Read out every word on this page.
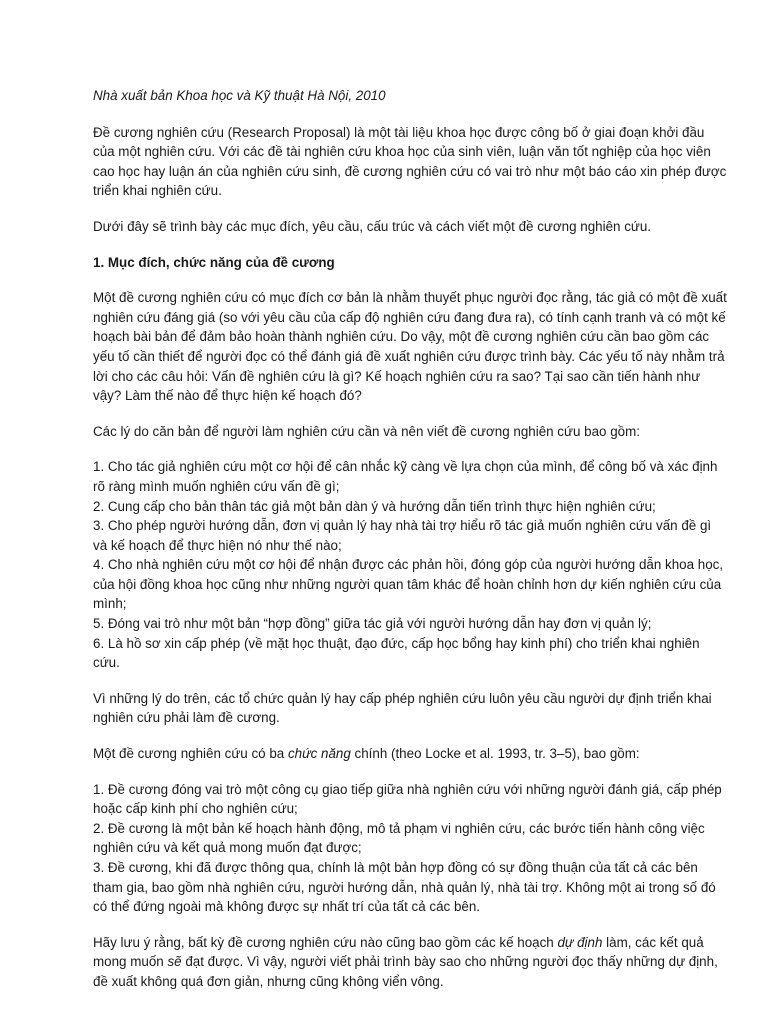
Nhà xuất bản Khoa học và Kỹ thuật Hà Nội, 2010

Đề cương nghiên cứu (Research Proposal) là một tài liệu khoa học được công bố ở giai đoạn khởi đầu của một nghiên cứu. Với các đề tài nghiên cứu khoa học của sinh viên, luận văn tốt nghiệp của học viên cao học hay luận án của nghiên cứu sinh, đề cương nghiên cứu có vai trò như một báo cáo xin phép được triển khai nghiên cứu.

Dưới đây sẽ trình bày các mục đích, yêu cầu, cấu trúc và cách viết một đề cương nghiên cứu.

1. Mục đích, chức năng của đề cương

Một đề cương nghiên cứu có mục đích cơ bản là nhằm thuyết phục người đọc rằng, tác giả có một đề xuất nghiên cứu đáng giá (so với yêu cầu của cấp độ nghiên cứu đang đưa ra), có tính cạnh tranh và có một kế hoạch bài bản để đảm bảo hoàn thành nghiên cứu. Do vậy, một đề cương nghiên cứu cần bao gồm các yếu tố cần thiết để người đọc có thể đánh giá đề xuất nghiên cứu được trình bày. Các yếu tố này nhằm trả lời cho các câu hỏi: Vấn đề nghiên cứu là gì? Kế hoạch nghiên cứu ra sao? Tại sao cần tiến hành như vậy? Làm thế nào để thực hiện kế hoạch đó?

Các lý do căn bản để người làm nghiên cứu cần và nên viết đề cương nghiên cứu bao gồm:

1. Cho tác giả nghiên cứu một cơ hội để cân nhắc kỹ càng về lựa chọn của mình, để công bố và xác định rõ ràng mình muốn nghiên cứu vấn đề gì;
2. Cung cấp cho bản thân tác giả một bản dàn ý và hướng dẫn tiến trình thực hiện nghiên cứu;
3. Cho phép người hướng dẫn, đơn vị quản lý hay nhà tài trợ hiểu rõ tác giả muốn nghiên cứu vấn đề gì và kế hoạch để thực hiện nó như thế nào;
4. Cho nhà nghiên cứu một cơ hội để nhận được các phản hồi, đóng góp của người hướng dẫn khoa học, của hội đồng khoa học cũng như những người quan tâm khác để hoàn chỉnh hơn dự kiến nghiên cứu của mình;
5. Đóng vai trò như một bản “hợp đồng” giữa tác giả với người hướng dẫn hay đơn vị quản lý;
6. Là hồ sơ xin cấp phép (về mặt học thuật, đạo đức, cấp học bổng hay kinh phí) cho triển khai nghiên cứu.

Vì những lý do trên, các tổ chức quản lý hay cấp phép nghiên cứu luôn yêu cầu người dự định triển khai nghiên cứu phải làm đề cương.

Một đề cương nghiên cứu có ba chức năng chính (theo Locke et al. 1993, tr. 3–5), bao gồm:

1. Đề cương đóng vai trò một công cụ giao tiếp giữa nhà nghiên cứu với những người đánh giá, cấp phép hoặc cấp kinh phí cho nghiên cứu;
2. Đề cương là một bản kế hoạch hành động, mô tả phạm vi nghiên cứu, các bước tiến hành công việc nghiên cứu và kết quả mong muốn đạt được;
3. Đề cương, khi đã được thông qua, chính là một bản hợp đồng có sự đồng thuận của tất cả các bên tham gia, bao gồm nhà nghiên cứu, người hướng dẫn, nhà quản lý, nhà tài trợ. Không một ai trong số đó có thể đứng ngoài mà không được sự nhất trí của tất cả các bên.

Hãy lưu ý rằng, bất kỳ đề cương nghiên cứu nào cũng bao gồm các kế hoạch dự định làm, các kết quả mong muốn sẽ đạt được. Vì vậy, người viết phải trình bày sao cho những người đọc thấy những dự định, đề xuất không quá đơn giản, nhưng cũng không viển vông.
